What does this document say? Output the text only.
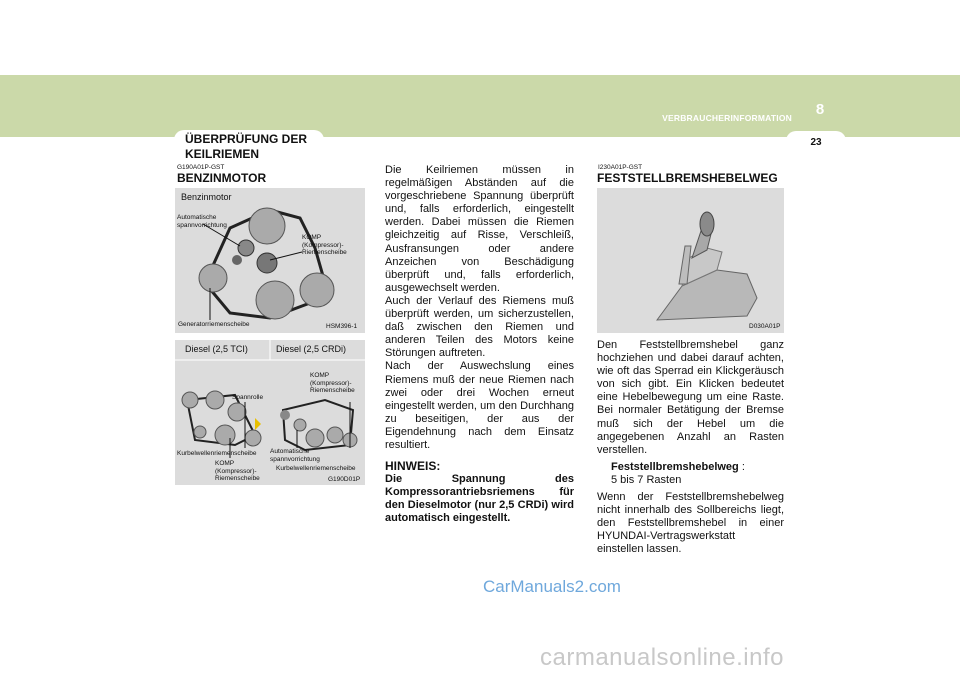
8
VERBRAUCHERINFORMATION
23
ÜBERPRÜFUNG DER KEILRIEMEN
G190A01P-GST
BENZINMOTOR
Benzinmotor
Automatische spannvorrichtung
KOMP (Kompressor)- Riemenscheibe
Generatorriemenscheibe	HSM396-1
Diesel (2,5 TCI)	Diesel (2,5 CRDi)
Spannrolle
Kurbelwellenriemenscheibe
KOMP (Kompressor)- Riemenscheibe
KOMP (Kompressor)- Riemenscheibe
Automatische spannvorrichtung
Kurbelwellenriemenscheibe
G190D01P
Die Keilriemen müssen in regelmäßigen Abständen auf die vorgeschriebene Spannung überprüft und, falls erforderlich, eingestellt werden. Dabei müssen die Riemen gleichzeitig auf Risse, Verschleiß, Ausfransungen oder andere Anzeichen von Beschädigung überprüft und, falls erforderlich, ausgewechselt werden.
Auch der Verlauf des Riemens muß überprüft werden, um sicherzustellen, daß zwischen den Riemen und anderen Teilen des Motors keine Störungen auftreten.
Nach der Auswechslung eines Riemens muß der neue Riemen nach zwei oder drei Wochen erneut eingestellt werden, um den Durchhang zu beseitigen, der aus der Eigendehnung nach dem Einsatz resultiert.
HINWEIS:
Die Spannung des Kompressorantriebsriemens für den Dieselmotor (nur 2,5 CRDi) wird automatisch eingestellt.
I230A01P-GST
FESTSTELLBREMSHEBELWEG
D030A01P
Den Feststellbremshebel ganz hochziehen und dabei darauf achten, wie oft das Sperrad ein Klickgeräusch von sich gibt. Ein Klicken bedeutet eine Hebelbewegung um eine Raste. Bei normaler Betätigung der Bremse muß sich der Hebel um die angegebenen Anzahl an Rasten verstellen.
Feststellbremshebelweg :
5 bis 7 Rasten
Wenn der Feststellbremshebelweg nicht innerhalb des Sollbereichs liegt, den Feststellbremshebel in einer HYUNDAI-Vertragswerkstatt einstellen lassen.
CarManuals2.com
carmanualsonline.info
